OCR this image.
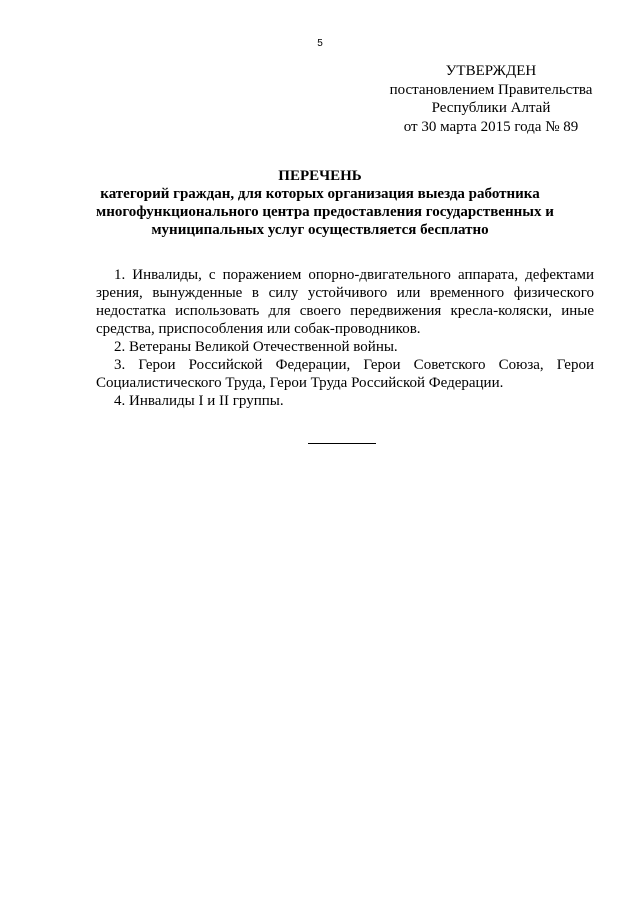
5
УТВЕРЖДЕН
постановлением Правительства
Республики Алтай
от 30 марта 2015 года № 89
ПЕРЕЧЕНЬ
категорий граждан, для которых организация выезда работника
многофункционального центра предоставления государственных и
муниципальных услуг осуществляется бесплатно

1. Инвалиды, с поражением опорно-двигательного аппарата, дефектами зрения, вынужденные в силу устойчивого или временного физического недостатка использовать для своего передвижения кресла-коляски, иные средства, приспособления или собак-проводников.

2. Ветераны Великой Отечественной войны.

3. Герои Российской Федерации, Герои Советского Союза, Герои Социалистического Труда, Герои Труда Российской Федерации.

4. Инвалиды I и II группы.
